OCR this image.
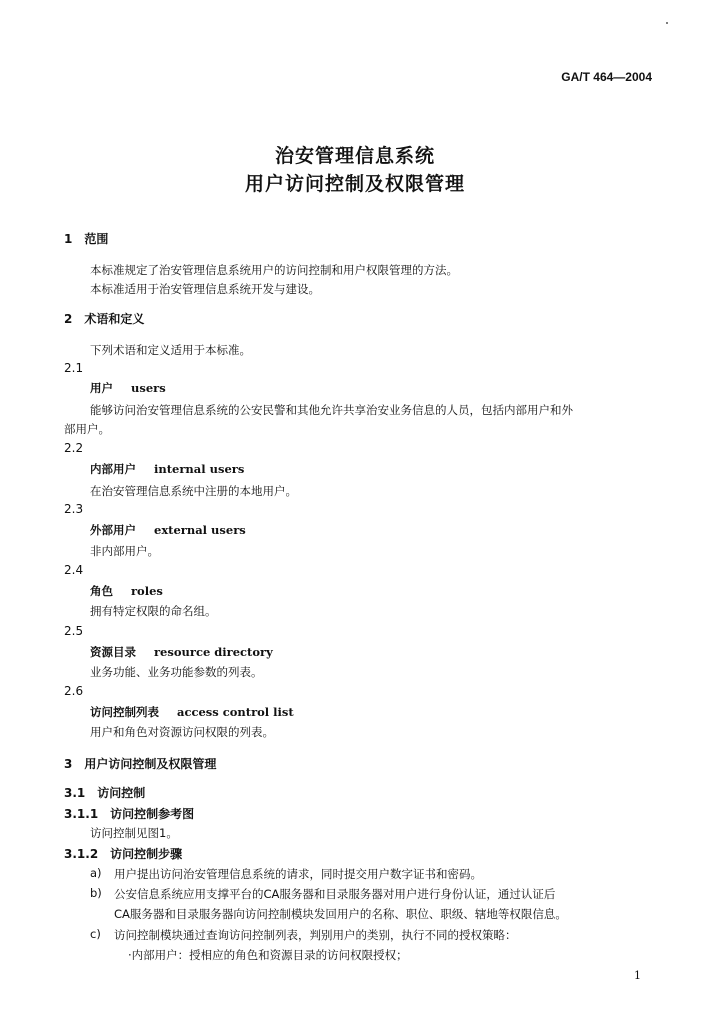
GA/T 464—2004
治安管理信息系统
用户访问控制及权限管理
1　范围
本标准规定了治安管理信息系统用户的访问控制和用户权限管理的方法。
本标准适用于治安管理信息系统开发与建设。
2　术语和定义
下列术语和定义适用于本标准。
2.1
用户 users
能够访问治安管理信息系统的公安民警和其他允许共享治安业务信息的人员，包括内部用户和外
部用户。
2.2
内部用户 internal users
在治安管理信息系统中注册的本地用户。
2.3
外部用户 external users
非内部用户。
2.4
角色 roles
拥有特定权限的命名组。
2.5
资源目录 resource directory
业务功能、业务功能参数的列表。
2.6
访问控制列表 access control list
用户和角色对资源访问权限的列表。
3　用户访问控制及权限管理
3.1　访问控制
3.1.1　访问控制参考图
访问控制见图1。
3.1.2　访问控制步骤
a) 用户提出访问治安管理信息系统的请求，同时提交用户数字证书和密码。
b) 公安信息系统应用支撑平台的CA服务器和目录服务器对用户进行身份认证，通过认证后
CA服务器和目录服务器向访问控制模块发回用户的名称、职位、职级、辖地等权限信息。
c) 访问控制模块通过查询访问控制列表，判别用户的类别，执行不同的授权策略：
·内部用户：授相应的角色和资源目录的访问权限授权；
1
